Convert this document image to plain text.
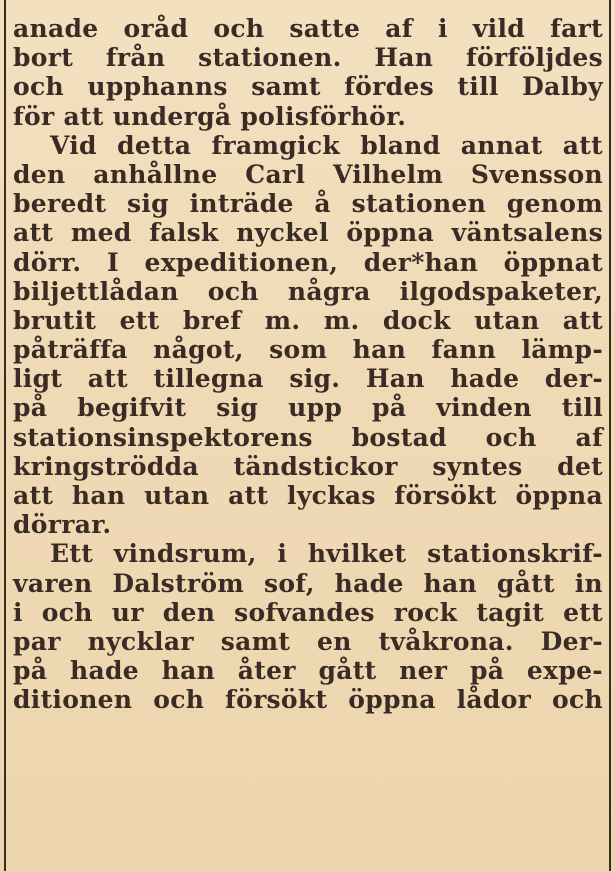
anade oråd och satte af i vild fart
bort från stationen. Han förföljdes
och upphanns samt fördes till Dalby
för att undergå polisförhör.

Vid detta framgick bland annat att
den anhållne Carl Vilhelm Svensson
beredt sig inträde å stationen genom
att med falsk nyckel öppna väntsalens
dörr. I expeditionen, der*han öppnat
biljettlådan och några ilgodspaketer,
brutit ett bref m. m. dock utan att
påträffa något, som han fann lämp-
ligt att tillegna sig. Han hade der-
på begifvit sig upp på vinden till
stationsinspektorens bostad och af
kringströdda tändstickor syntes det
att han utan att lyckas försökt öppna
dörrar.

Ett vindsrum, i hvilket stationskrif-
varen Dalström sof, hade han gått in
i och ur den sofvandes rock tagit ett
par nycklar samt en tvåkrona. Der-
på hade han åter gått ner på expe-
ditionen och försökt öppna lådor och
